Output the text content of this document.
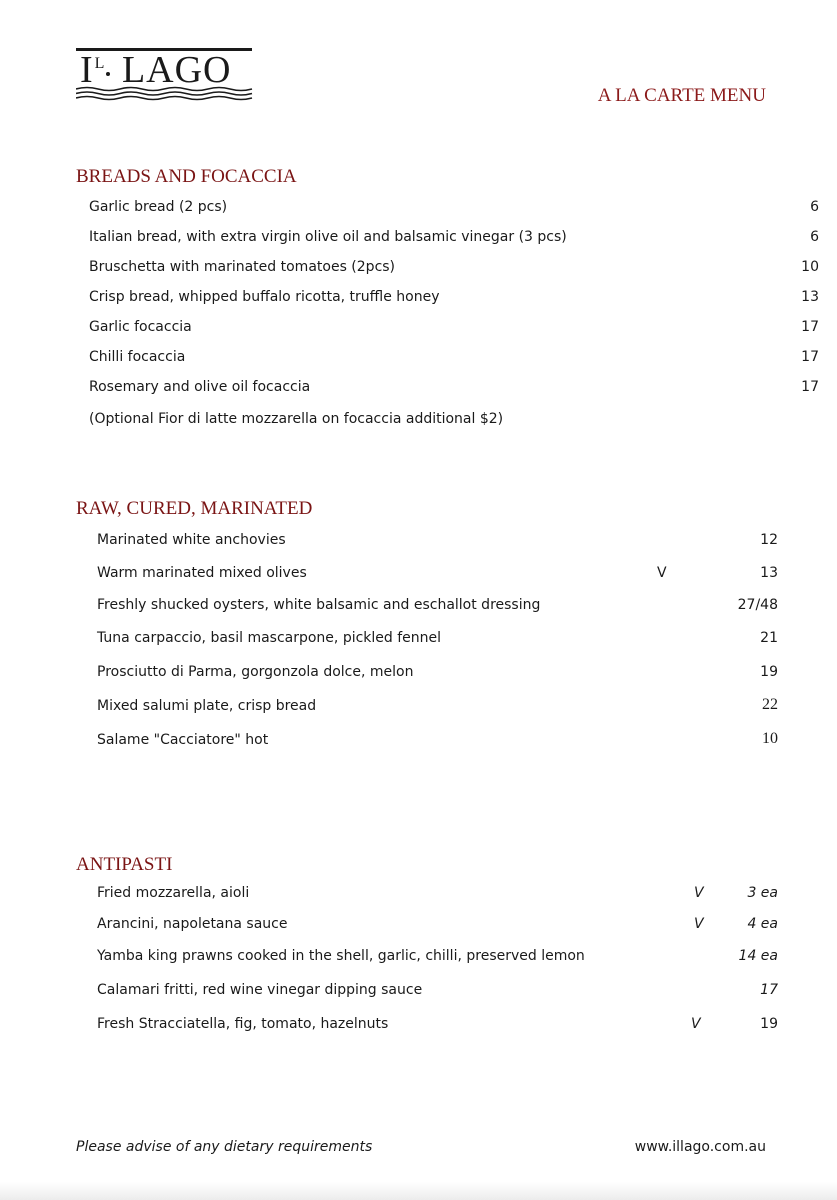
$I^L$ LAGO
A LA CARTE MENU
BREADS AND FOCACCIA
Garlic bread (2 pcs)	6
Italian bread, with extra virgin olive oil and balsamic vinegar (3 pcs)	6
Bruschetta with marinated tomatoes (2pcs)	10
Crisp bread, whipped buffalo ricotta, truffle honey	13
Garlic focaccia	17
Chilli focaccia	17
Rosemary and olive oil focaccia	17
(Optional Fior di latte mozzarella on focaccia additional $2)
RAW, CURED, MARINATED
Marinated white anchovies	12
Warm marinated mixed olives	V	13
Freshly shucked oysters, white balsamic and eschallot dressing	27/48
Tuna carpaccio, basil mascarpone, pickled fennel	21
Prosciutto di Parma, gorgonzola dolce, melon	19
Mixed salumi plate, crisp bread	22
Salame "Cacciatore" hot	10
ANTIPASTI
Fried mozzarella, aioli	V	3 ea
Arancini, napoletana sauce	V	4 ea
Yamba king prawns cooked in the shell, garlic, chilli, preserved lemon	14 ea
Calamari fritti, red wine vinegar dipping sauce	17
Fresh Stracciatella, fig, tomato, hazelnuts	V	19
Please advise of any dietary requirements	www.illago.com.au
